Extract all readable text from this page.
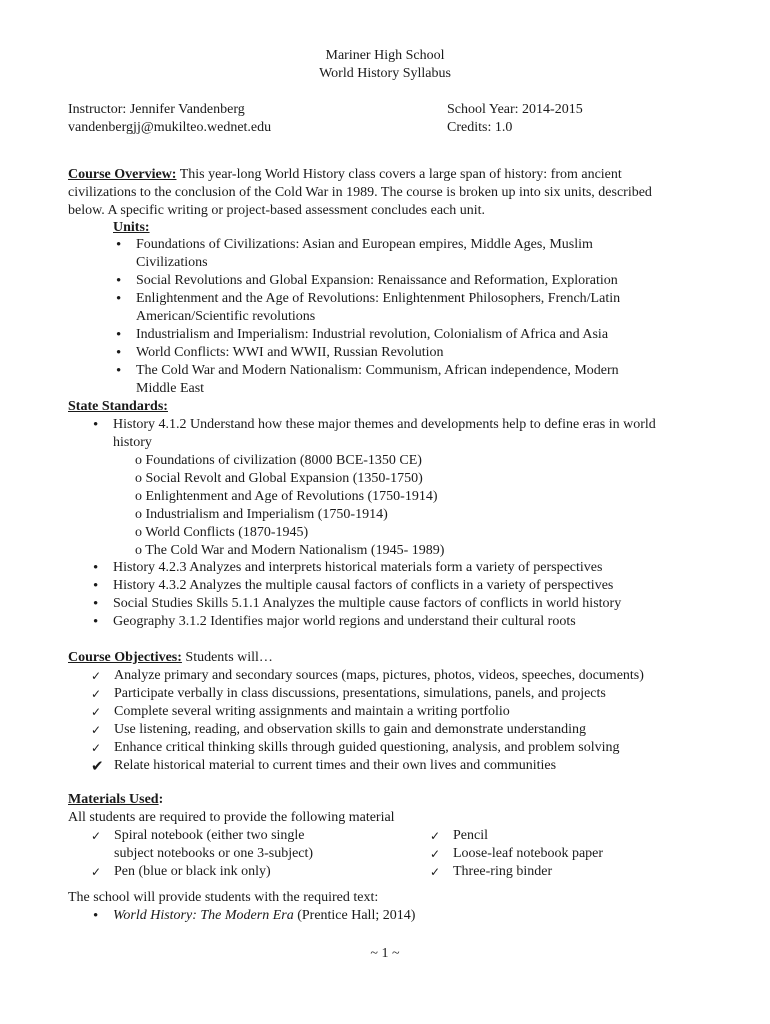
Mariner High School

World History Syllabus

Instructor: Jennifer Vandenberg

vandenbergjj@mukilteo.wednet.edu

School Year: 2014-2015

Credits: 1.0

Course Overview: This year-long World History class covers a large span of history: from ancient

civilizations to the conclusion of the Cold War in 1989. The course is broken up into six units, described

below. A specific writing or project-based assessment concludes each unit.

Units:

• Foundations of Civilizations: Asian and European empires, Middle Ages, Muslim
Civilizations
• Social Revolutions and Global Expansion: Renaissance and Reformation, Exploration
• Enlightenment and the Age of Revolutions: Enlightenment Philosophers, French/Latin
American/Scientific revolutions
• Industrialism and Imperialism: Industrial revolution, Colonialism of Africa and Asia
• World Conflicts: WWI and WWII, Russian Revolution
• The Cold War and Modern Nationalism: Communism, African independence, Modern
Middle East

State Standards:

• History 4.1.2 Understand how these major themes and developments help to define eras in world
history
o Foundations of civilization (8000 BCE-1350 CE)
o Social Revolt and Global Expansion (1350-1750)
o Enlightenment and Age of Revolutions (1750-1914)
o Industrialism and Imperialism (1750-1914)
o World Conflicts (1870-1945)
o The Cold War and Modern Nationalism (1945- 1989)
• History 4.2.3 Analyzes and interprets historical materials form a variety of perspectives
• History 4.3.2 Analyzes the multiple causal factors of conflicts in a variety of perspectives
• Social Studies Skills 5.1.1 Analyzes the multiple cause factors of conflicts in world history
• Geography 3.1.2 Identifies major world regions and understand their cultural roots

Course Objectives: Students will…

✓ Analyze primary and secondary sources (maps, pictures, photos, videos, speeches, documents)
✓ Participate verbally in class discussions, presentations, simulations, panels, and projects
✓ Complete several writing assignments and maintain a writing portfolio
✓ Use listening, reading, and observation skills to gain and demonstrate understanding
✓ Enhance critical thinking skills through guided questioning, analysis, and problem solving
✔ Relate historical material to current times and their own lives and communities

Materials Used:

All students are required to provide the following material

✓ Spiral notebook (either two single
subject notebooks or one 3-subject)
✓ Pen (blue or black ink only)
✓ Pencil
✓ Loose-leaf notebook paper
✓ Three-ring binder

The school will provide students with the required text:

• World History: The Modern Era (Prentice Hall; 2014)

~ 1 ~
